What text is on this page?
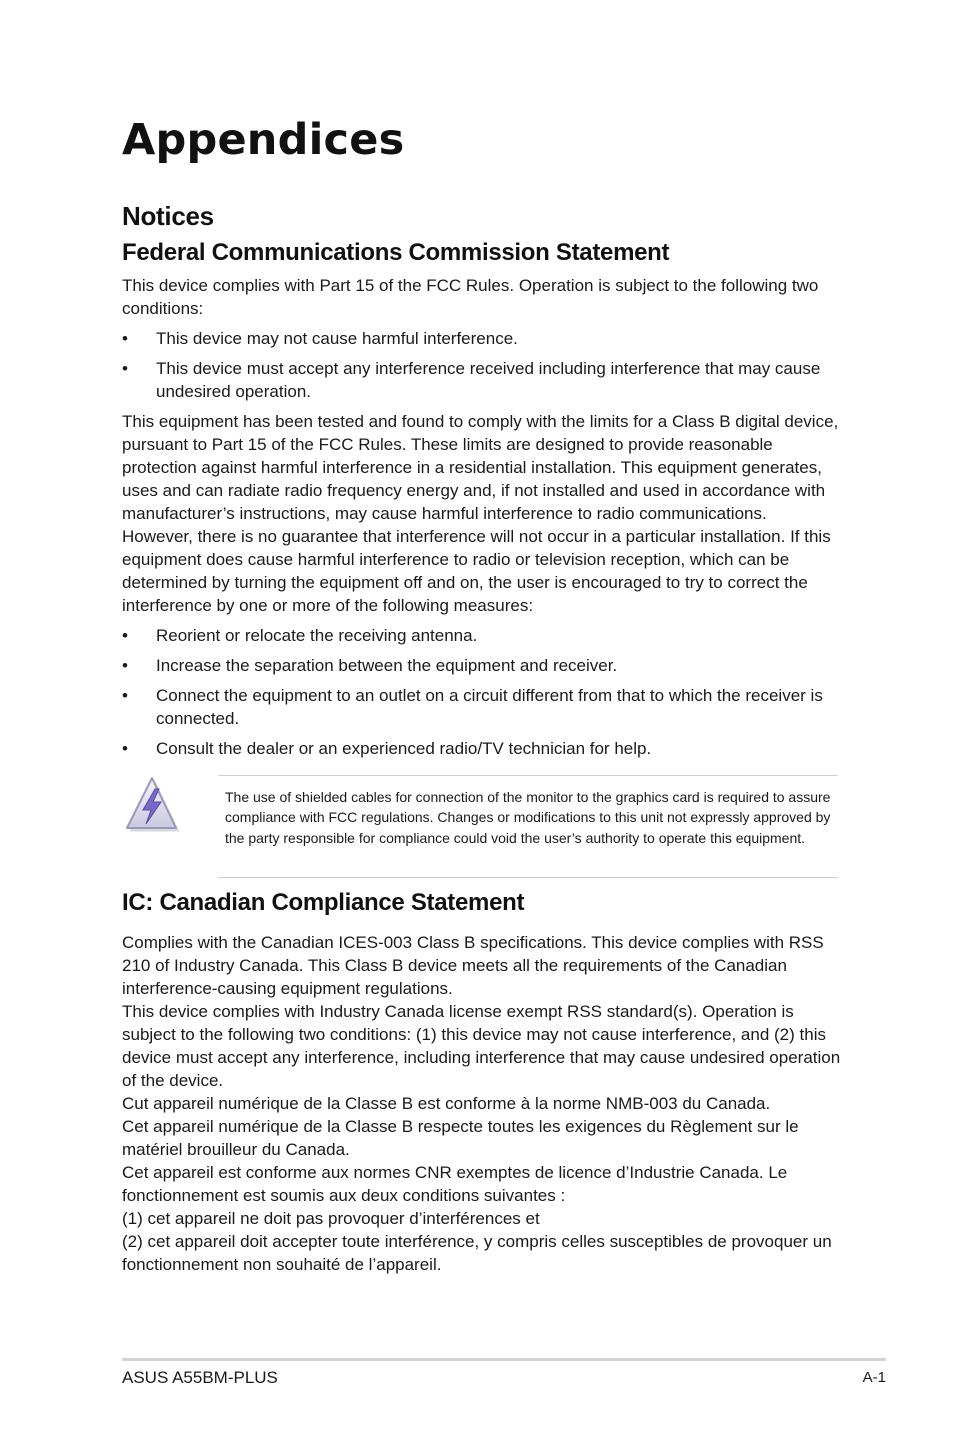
Appendices
Notices
Federal Communications Commission Statement

This device complies with Part 15 of the FCC Rules. Operation is subject to the following two conditions:

•	This device may not cause harmful interference.
•	This device must accept any interference received including interference that may cause undesired operation.

This equipment has been tested and found to comply with the limits for a Class B digital device, pursuant to Part 15 of the FCC Rules. These limits are designed to provide reasonable protection against harmful interference in a residential installation. This equipment generates, uses and can radiate radio frequency energy and, if not installed and used in accordance with manufacturer’s instructions, may cause harmful interference to radio communications. However, there is no guarantee that interference will not occur in a particular installation. If this equipment does cause harmful interference to radio or television reception, which can be determined by turning the equipment off and on, the user is encouraged to try to correct the interference by one or more of the following measures:

•	Reorient or relocate the receiving antenna.
•	Increase the separation between the equipment and receiver.
•	Connect the equipment to an outlet on a circuit different from that to which the receiver is connected.
•	Consult the dealer or an experienced radio/TV technician for help.

The use of shielded cables for connection of the monitor to the graphics card is required to assure compliance with FCC regulations. Changes or modifications to this unit not expressly approved by the party responsible for compliance could void the user’s authority to operate this equipment.

IC: Canadian Compliance Statement

Complies with the Canadian ICES-003 Class B specifications. This device complies with RSS 210 of Industry Canada. This Class B device meets all the requirements of the Canadian interference-causing equipment regulations.

This device complies with Industry Canada license exempt RSS standard(s). Operation is subject to the following two conditions: (1) this device may not cause interference, and (2) this device must accept any interference, including interference that may cause undesired operation of the device.

Cut appareil numérique de la Classe B est conforme à la norme NMB-003 du Canada.

Cet appareil numérique de la Classe B respecte toutes les exigences du Règlement sur le matériel brouilleur du Canada.

Cet appareil est conforme aux normes CNR exemptes de licence d’Industrie Canada. Le fonctionnement est soumis aux deux conditions suivantes :

(1) cet appareil ne doit pas provoquer d’interférences et

(2) cet appareil doit accepter toute interférence, y compris celles susceptibles de provoquer un fonctionnement non souhaité de l’appareil.

ASUS A55BM-PLUS	A-1
